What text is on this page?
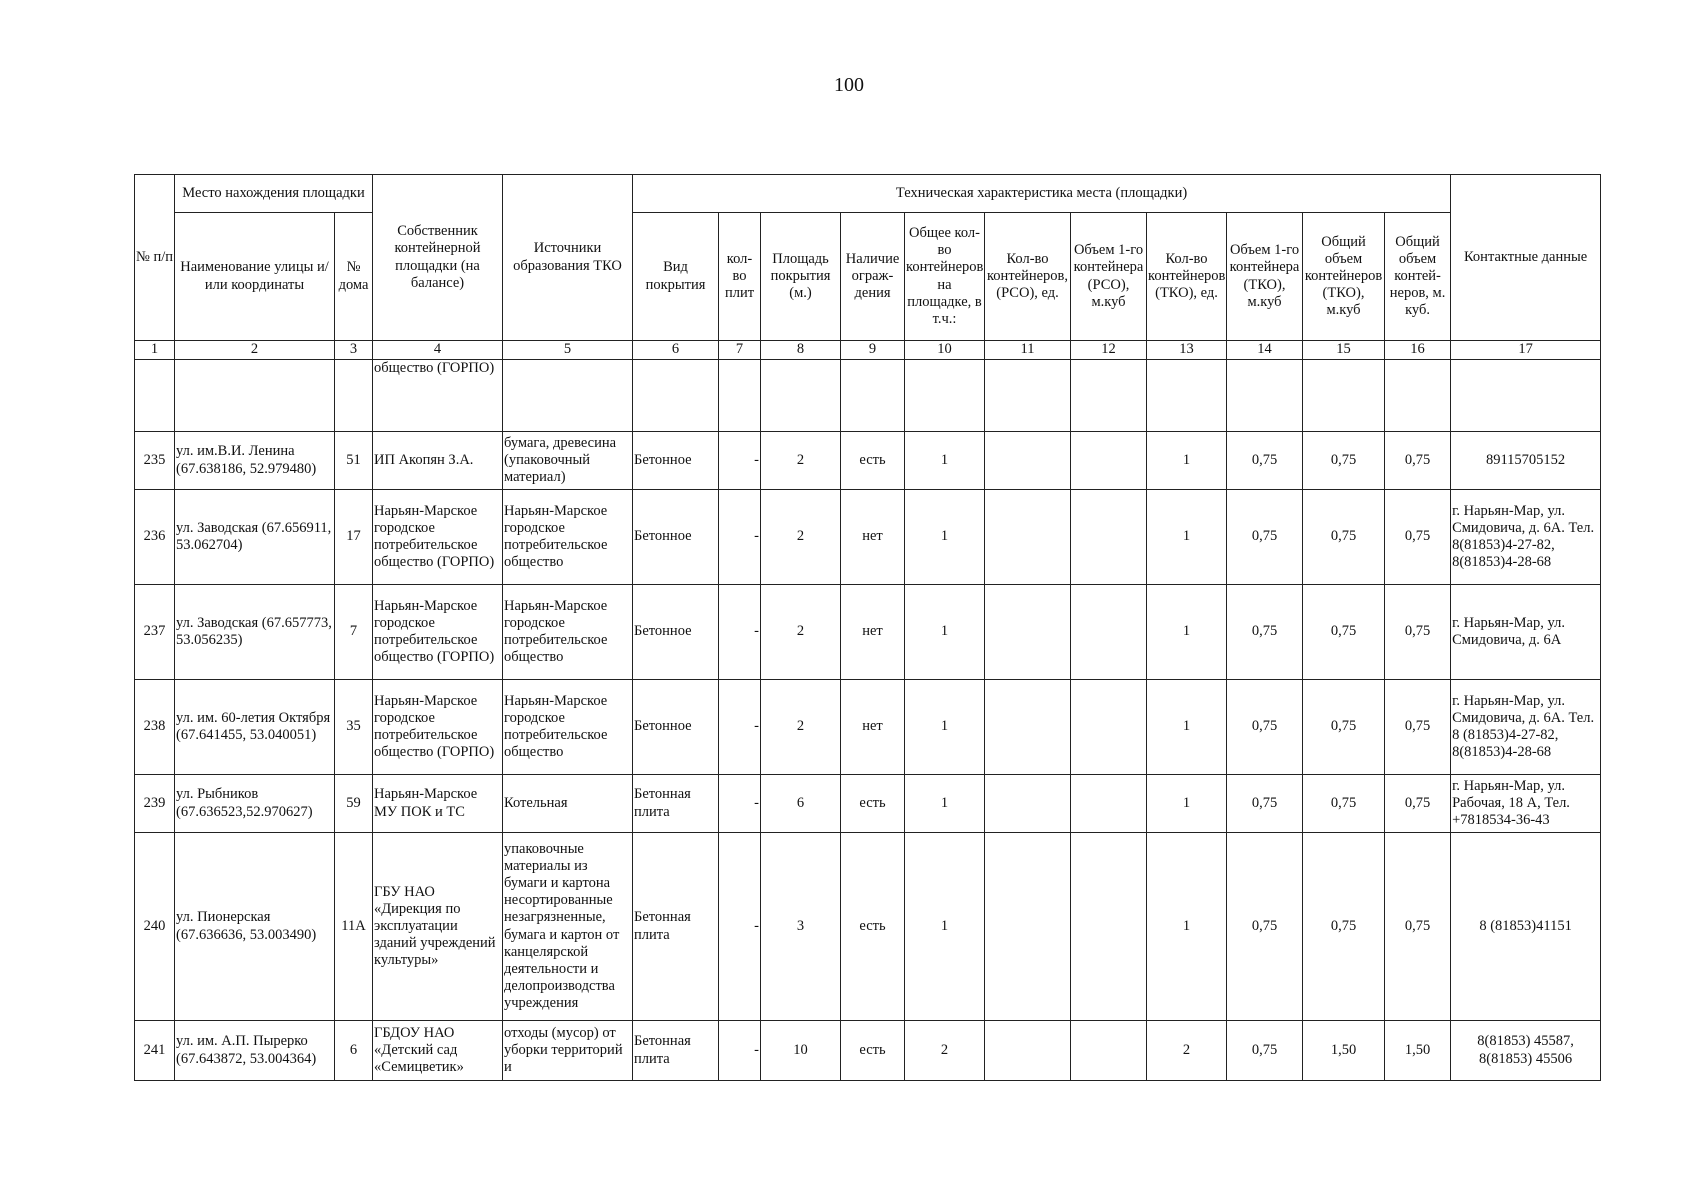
100
№ п/п	Место нахождения площадки		Собственник контейнерной площадки (на балансе)	Источники образования ТКО	Техническая характеристика места (площадки)											Контактные данные
	Наименование улицы и/или координаты	№ дома			Вид покрытия	кол-во плит	Площадь покрытия (м.)	Наличие ограж-дения	Общее кол-во контейнеров на площадке, в т.ч.:	Кол-во контейнеров, (РСО), ед.	Объем 1-го контейнера (РСО), м.куб	Кол-во контейнеров (ТКО), ед.	Объем 1-го контейнера (ТКО), м.куб	Общий объем контейнеров (ТКО), м.куб	Общий объем контей-неров, м. куб.	
1	2	3	4	5	6	7	8	9	10	11	12	13	14	15	16	17
			общество (ГОРПО)													
235	ул. им.В.И. Ленина (67.638186, 52.979480)	51	ИП Акопян З.А.	бумага, древесина (упаковочный материал)	Бетонное	-	2	есть	1			1	0,75	0,75	0,75	89115705152
236	ул. Заводская (67.656911, 53.062704)	17	Нарьян-Марское городское потребительское общество (ГОРПО)	Нарьян-Марское городское потребительское общество	Бетонное	-	2	нет	1			1	0,75	0,75	0,75	г. Нарьян-Мар, ул. Смидовича, д. 6А. Тел. 8(81853)4-27-82, 8(81853)4-28-68
237	ул. Заводская (67.657773, 53.056235)	7	Нарьян-Марское городское потребительское общество (ГОРПО)	Нарьян-Марское городское потребительское общество	Бетонное	-	2	нет	1			1	0,75	0,75	0,75	г. Нарьян-Мар, ул. Смидовича, д. 6А
238	ул. им. 60-летия Октября (67.641455, 53.040051)	35	Нарьян-Марское городское потребительское общество (ГОРПО)	Нарьян-Марское городское потребительское общество	Бетонное	-	2	нет	1			1	0,75	0,75	0,75	г. Нарьян-Мар, ул. Смидовича, д. 6А. Тел. 8 (81853)4-27-82, 8(81853)4-28-68
239	ул. Рыбников (67.636523,52.970627)	59	Нарьян-Марское МУ ПОК и ТС	Котельная	Бетонная плита	-	6	есть	1			1	0,75	0,75	0,75	г. Нарьян-Мар, ул. Рабочая, 18 А, Тел. +7818534-36-43
240	ул. Пионерская (67.636636, 53.003490)	11А	ГБУ НАО «Дирекция по эксплуатации зданий учреждений культуры»	упаковочные материалы из бумаги и картона несортированные незагрязненные, бумага и картон от канцелярской деятельности и делопроизводства учреждения	Бетонная плита	-	3	есть	1			1	0,75	0,75	0,75	8 (81853)41151
241	ул. им. А.П. Пырерко (67.643872, 53.004364)	6	ГБДОУ НАО «Детский сад «Семицветик»	отходы (мусор) от уборки территорий и	Бетонная плита	-	10	есть	2			2	0,75	1,50	1,50	8(81853) 45587, 8(81853) 45506
